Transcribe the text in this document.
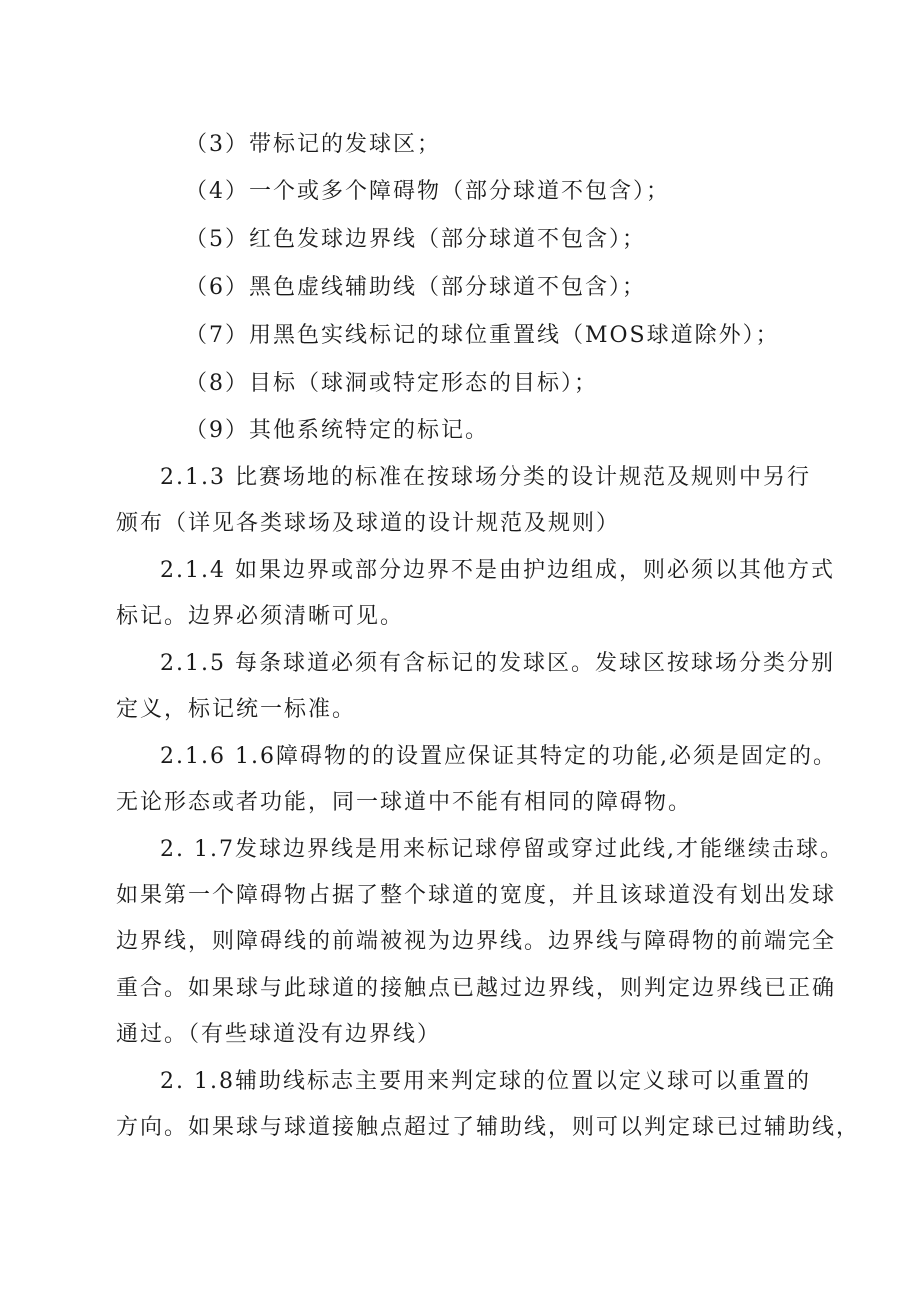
（3）带标记的发球区；
（4）一个或多个障碍物（部分球道不包含）；
（5）红色发球边界线（部分球道不包含）；
（6）黑色虚线辅助线（部分球道不包含）；
（7）用黑色实线标记的球位重置线（MOS球道除外）；
（8）目标（球洞或特定形态的目标）；
（9）其他系统特定的标记。
2.1.3 比赛场地的标准在按球场分类的设计规范及规则中另行
颁布（详见各类球场及球道的设计规范及规则）
2.1.4 如果边界或部分边界不是由护边组成，则必须以其他方式
标记。边界必须清晰可见。
2.1.5 每条球道必须有含标记的发球区。发球区按球场分类分别
定义，标记统一标准。
2.1.6 1.6障碍物的的设置应保证其特定的功能,必须是固定的。
无论形态或者功能，同一球道中不能有相同的障碍物。
2. 1.7发球边界线是用来标记球停留或穿过此线,才能继续击球。
如果第一个障碍物占据了整个球道的宽度，并且该球道没有划出发球
边界线，则障碍线的前端被视为边界线。边界线与障碍物的前端完全
重合。如果球与此球道的接触点已越过边界线，则判定边界线已正确
通过。（有些球道没有边界线）
2. 1.8辅助线标志主要用来判定球的位置以定义球可以重置的
方向。如果球与球道接触点超过了辅助线，则可以判定球已过辅助线，
